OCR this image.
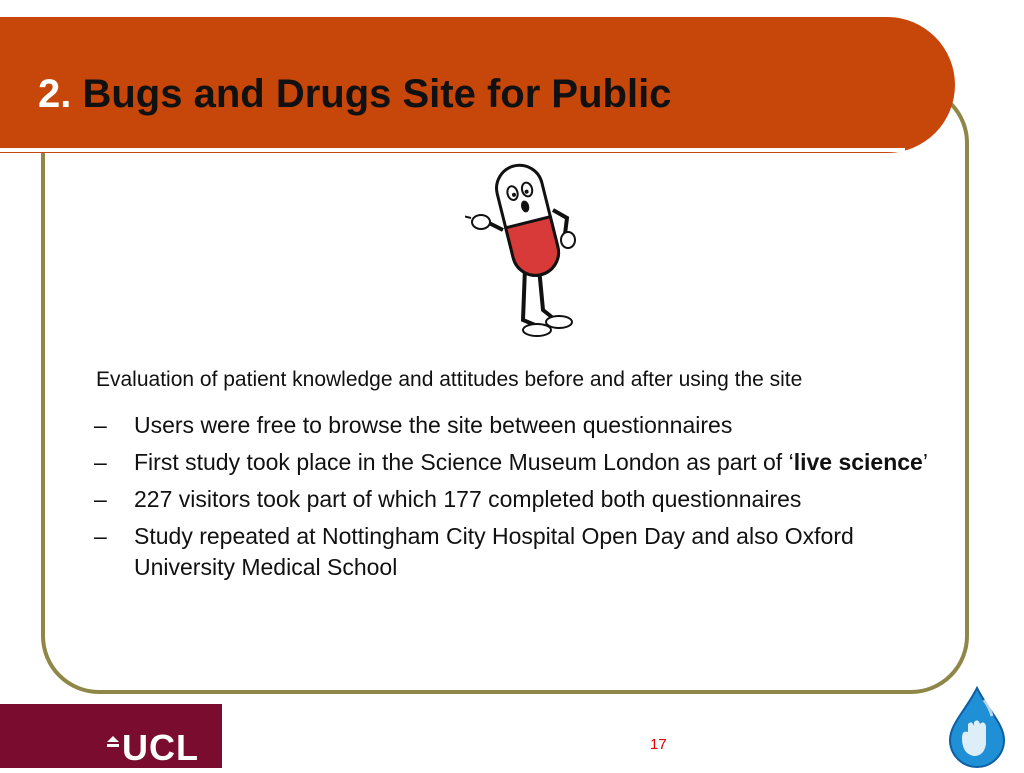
2. Bugs and Drugs Site for Public

Evaluation of patient knowledge and attitudes before and after using the site

– Users were free to browse the site between questionnaires
– First study took place in the Science Museum London as part of ‘live science’
– 227 visitors took part of which 177 completed both questionnaires
– Study repeated at Nottingham City Hospital Open Day and also Oxford University Medical School
UCL	17
